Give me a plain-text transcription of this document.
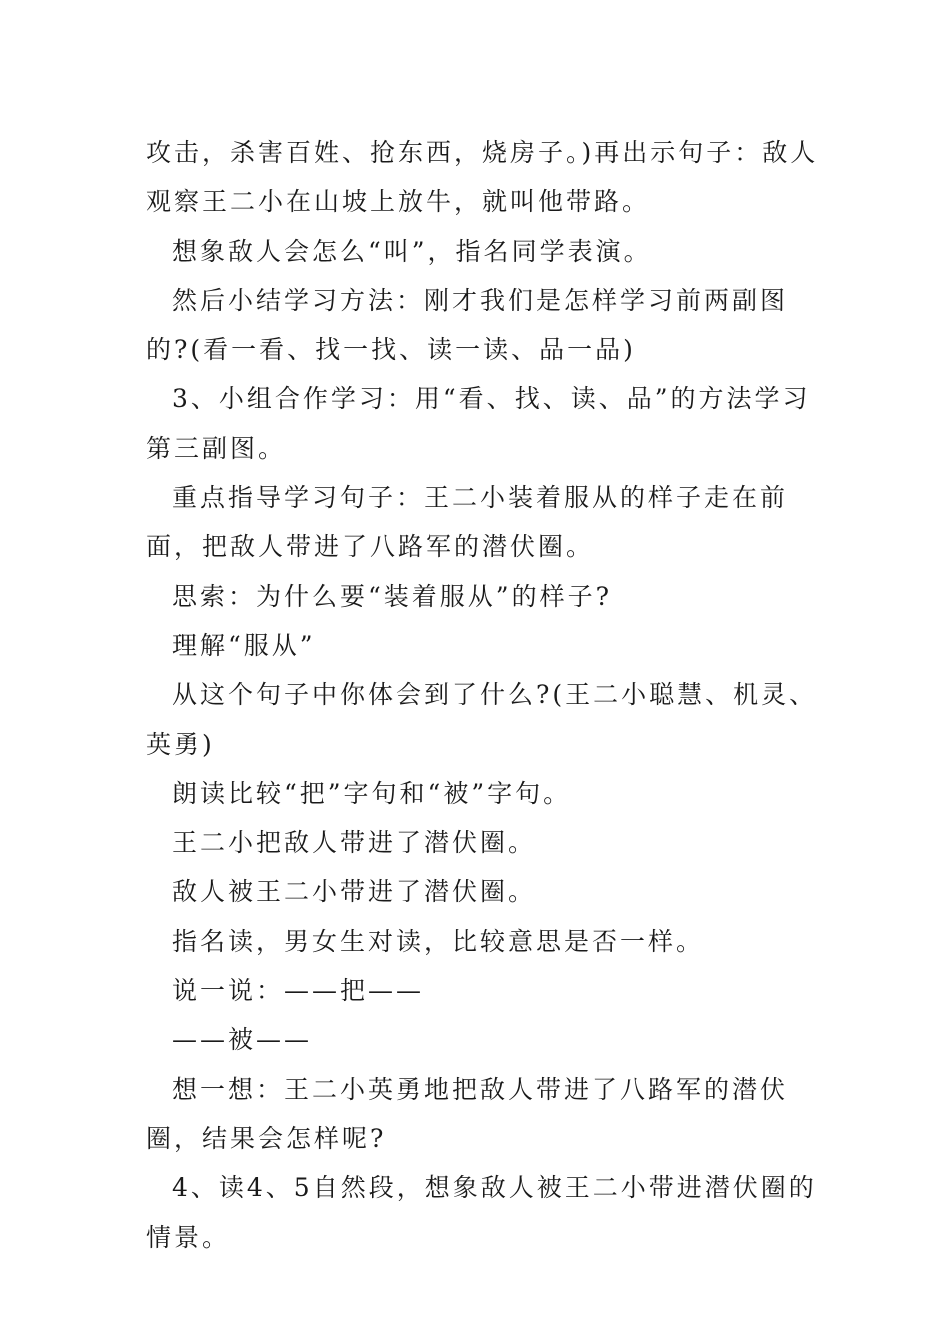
攻击，杀害百姓、抢东西，烧房子。)再出示句子：敌人观察王二小在山坡上放牛，就叫他带路。

想象敌人会怎么“叫”，指名同学表演。

然后小结学习方法：刚才我们是怎样学习前两副图的?(看一看、找一找、读一读、品一品)

3、小组合作学习：用“看、找、读、品”的方法学习第三副图。

重点指导学习句子：王二小装着服从的样子走在前面，把敌人带进了八路军的潜伏圈。

思索：为什么要“装着服从”的样子?

理解“服从”

从这个句子中你体会到了什么?(王二小聪慧、机灵、英勇)

朗读比较“把”字句和“被”字句。

王二小把敌人带进了潜伏圈。

敌人被王二小带进了潜伏圈。

指名读，男女生对读，比较意思是否一样。

说一说：——把——

——被——

想一想：王二小英勇地把敌人带进了八路军的潜伏圈，结果会怎样呢?

4、读4、5自然段，想象敌人被王二小带进潜伏圈的情景。
